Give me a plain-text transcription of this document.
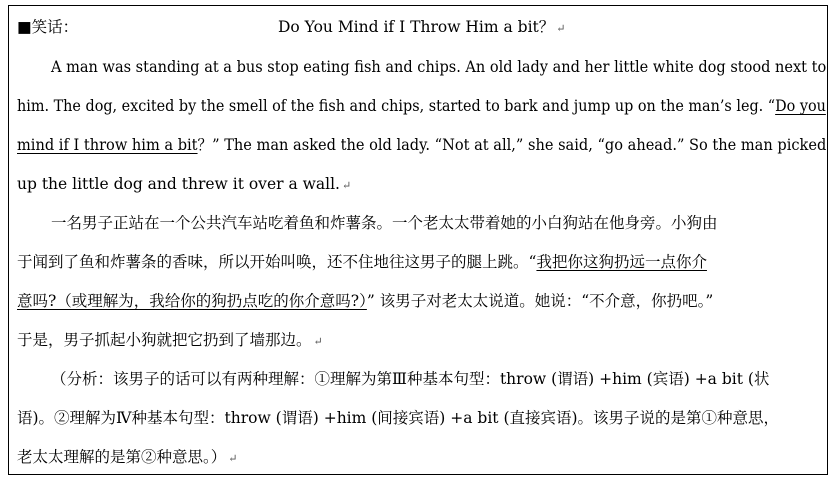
■笑话：	Do You Mind if I Throw Him a bit？ ↵
A man was standing at a bus stop eating fish and chips. An old lady and her little white dog stood next to
him. The dog, excited by the smell of the fish and chips, started to bark and jump up on the man’s leg. “Do you
mind if I throw him a bit？” The man asked the old lady. “Not at all,” she said, “go ahead.” So the man picked
up the little dog and threw it over a wall. ↵
一名男子正站在一个公共汽车站吃着鱼和炸薯条。一个老太太带着她的小白狗站在他身旁。小狗由
于闻到了鱼和炸薯条的香味，所以开始叫唤，还不住地往这男子的腿上跳。“我把你这狗扔远一点你介
意吗?（或理解为，我给你的狗扔点吃的你介意吗?）” 该男子对老太太说道。她说：“不介意，你扔吧。”
于是，男子抓起小狗就把它扔到了墙那边。 ↵
（分析：该男子的话可以有两种理解：①理解为第Ⅲ种基本句型：throw (谓语) +him (宾语) +a bit (状
语)。②理解为Ⅳ种基本句型：throw (谓语) +him (间接宾语) +a bit (直接宾语)。该男子说的是第①种意思，
老太太理解的是第②种意思。） ↵
